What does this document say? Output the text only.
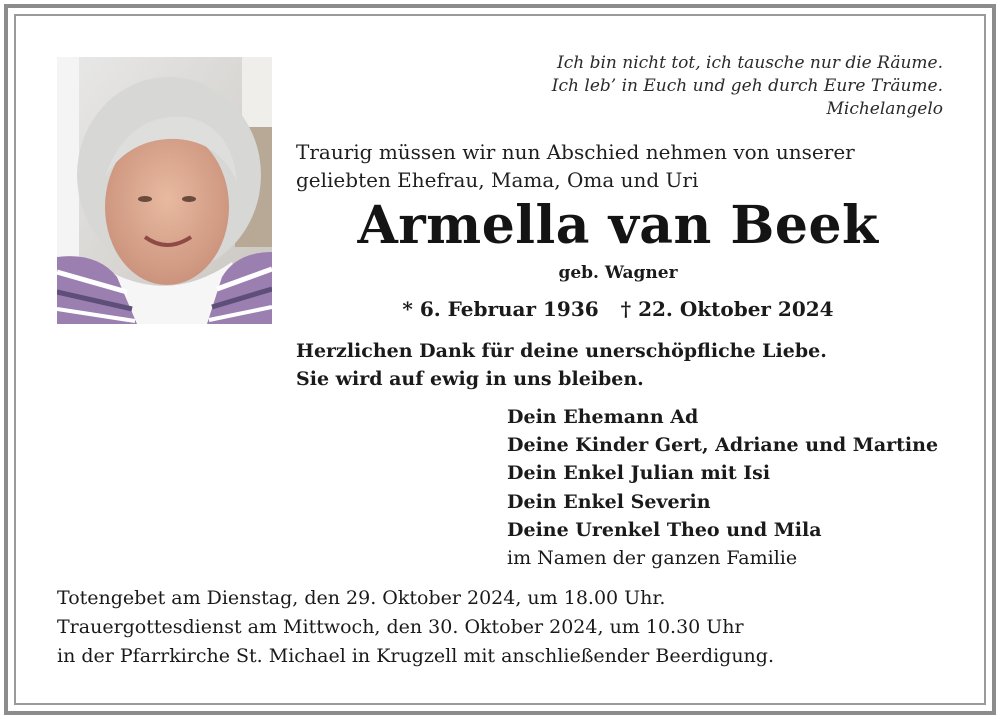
Ich bin nicht tot, ich tausche nur die Räume.
Ich leb’ in Euch und geh durch Eure Träume.
Michelangelo
Traurig müssen wir nun Abschied nehmen von unserer
geliebten Ehefrau, Mama, Oma und Uri
Armella van Beek
geb. Wagner
* 6. Februar 1936 † 22. Oktober 2024
Herzlichen Dank für deine unerschöpfliche Liebe.
Sie wird auf ewig in uns bleiben.
Dein Ehemann Ad
Deine Kinder Gert, Adriane und Martine
Dein Enkel Julian mit Isi
Dein Enkel Severin
Deine Urenkel Theo und Mila
im Namen der ganzen Familie
Totengebet am Dienstag, den 29. Oktober 2024, um 18.00 Uhr.
Trauergottesdienst am Mittwoch, den 30. Oktober 2024, um 10.30 Uhr
in der Pfarrkirche St. Michael in Krugzell mit anschließender Beerdigung.
